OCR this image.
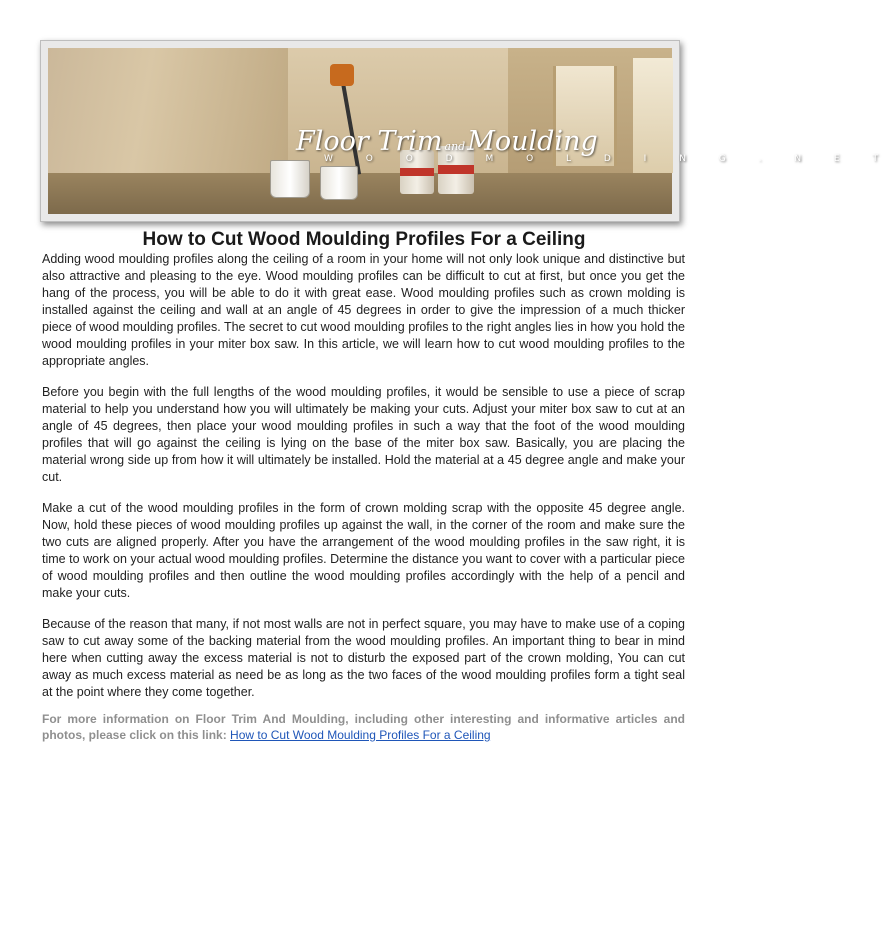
Floor Trim andMoulding
W O O D M O L D I N G . N E T
How to Cut Wood Moulding Profiles For a Ceiling

Adding wood moulding profiles along the ceiling of a room in your home will not only look unique and distinctive but also attractive and pleasing to the eye. Wood moulding profiles can be difficult to cut at first, but once you get the hang of the process, you will be able to do it with great ease. Wood moulding profiles such as crown molding is installed against the ceiling and wall at an angle of 45 degrees in order to give the impression of a much thicker piece of wood moulding profiles. The secret to cut wood moulding profiles to the right angles lies in how you hold the wood moulding profiles in your miter box saw. In this article, we will learn how to cut wood moulding profiles to the appropriate angles.

Before you begin with the full lengths of the wood moulding profiles, it would be sensible to use a piece of scrap material to help you understand how you will ultimately be making your cuts. Adjust your miter box saw to cut at an angle of 45 degrees, then place your wood moulding profiles in such a way that the foot of the wood moulding profiles that will go against the ceiling is lying on the base of the miter box saw. Basically, you are placing the material wrong side up from how it will ultimately be installed. Hold the material at a 45 degree angle and make your cut.

Make a cut of the wood moulding profiles in the form of crown molding scrap with the opposite 45 degree angle. Now, hold these pieces of wood moulding profiles up against the wall, in the corner of the room and make sure the two cuts are aligned properly. After you have the arrangement of the wood moulding profiles in the saw right, it is time to work on your actual wood moulding profiles. Determine the distance you want to cover with a particular piece of wood moulding profiles and then outline the wood moulding profiles accordingly with the help of a pencil and make your cuts.

Because of the reason that many, if not most walls are not in perfect square, you may have to make use of a coping saw to cut away some of the backing material from the wood moulding profiles. An important thing to bear in mind here when cutting away the excess material is not to disturb the exposed part of the crown molding, You can cut away as much excess material as need be as long as the two faces of the wood moulding profiles form a tight seal at the point where they come together.

For more information on Floor Trim And Moulding, including other interesting and informative articles and photos, please click on this link: How to Cut Wood Moulding Profiles For a Ceiling
